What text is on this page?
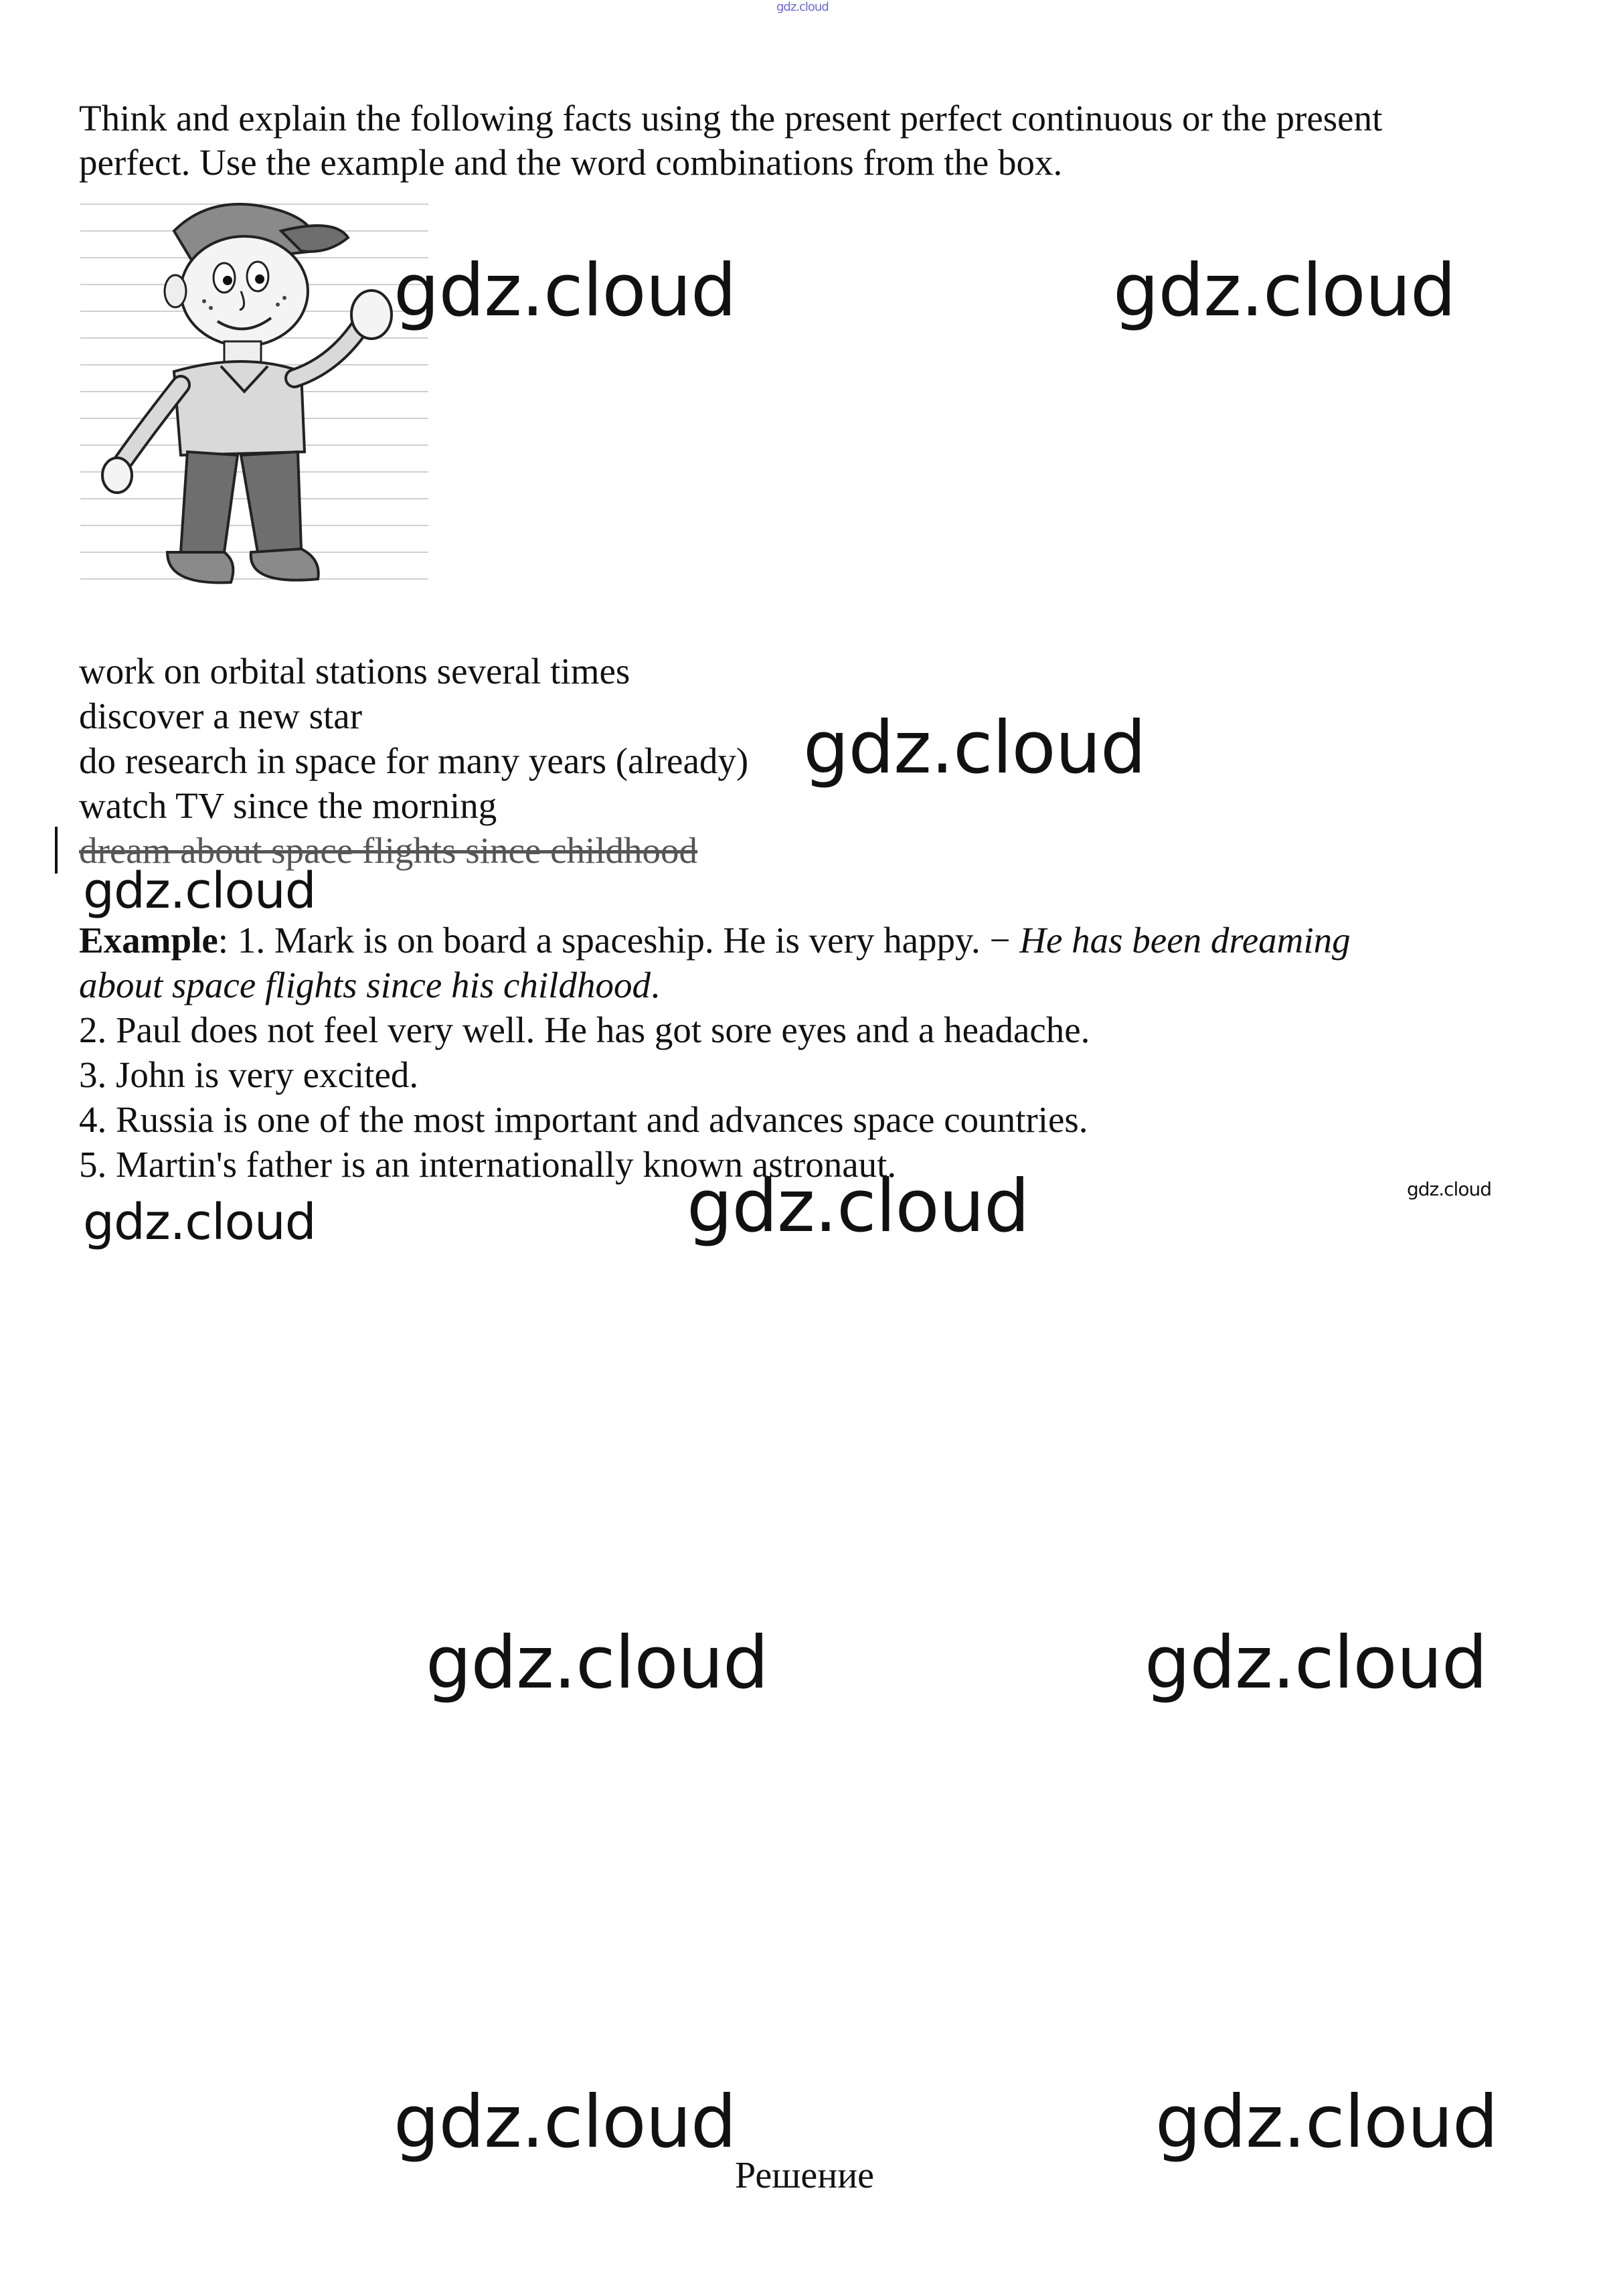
gdz.cloud
Think and explain the following facts using the present perfect continuous or the present
perfect. Use the example and the word combinations from the box.
gdz.cloud	gdz.cloud
work on orbital stations several times
discover a new star
do research in space for many years (already) gdz.cloud
watch TV since the morning
dream about space flights since childhood
gdz.cloud
Example: 1. Mark is on board a spaceship. He is very happy. − He has been dreaming
about space flights since his childhood.
2. Paul does not feel very well. He has got sore eyes and a headache.
3. John is very excited.
4. Russia is one of the most important and advances space countries.
5. Martin's father is an internationally known astronaut.
gdz.cloud	gdz.cloud
gdz.cloud
gdz.cloud	gdz.cloud
gdz.cloud	gdz.cloud
Решение
